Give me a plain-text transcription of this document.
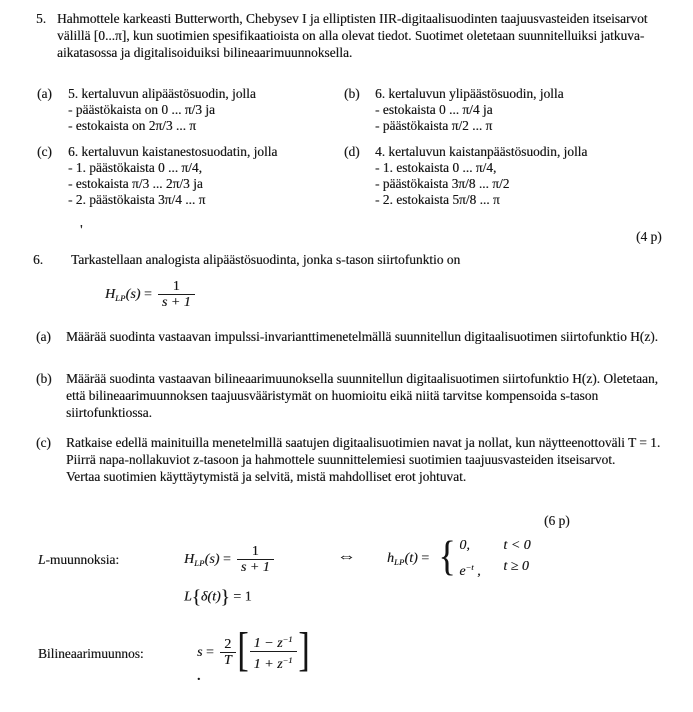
5. Hahmottele karkeasti Butterworth, Chebysev I ja elliptisten IIR-digitaalisuodinten taajuusvasteiden itseisarvot välillä [0...π], kun suotimien spesifikaatioista on alla olevat tiedot. Suotimet oletetaan suunnitelluiksi jatkuva-aikatasossa ja digitalisoiduiksi bilineaarimuunnoksella.
(a)	5. kertaluvun alipäästösuodin, jolla
- päästökaista on 0 ... π/3 ja
- estokaista on 2π/3 ... π
(b)	6. kertaluvun ylipäästösuodin, jolla
- estokaista 0 ... π/4 ja
- päästökaista π/2 ... π
(c)	6. kertaluvun kaistanestosuodatin, jolla
- 1. päästökaista 0 ... π/4,
- estokaista π/3 ... 2π/3 ja
- 2. päästökaista 3π/4 ... π
(d)	4. kertaluvun kaistanpäästösuodin, jolla
- 1. estokaista 0 ... π/4,
- päästökaista 3π/8 ... π/2
- 2. estokaista 5π/8 ... π
'	(4 p)
6.	Tarkastellaan analogista alipäästösuodinta, jonka s-tason siirtofunktio on
$H_{LP}(s) = \frac{1}{s + 1}$
(a)	Määrää suodinta vastaavan impulssi-invarianttimenetelmällä suunnitellun digitaalisuotimen siirtofunktio H(z).
(b)	Määrää suodinta vastaavan bilineaarimuunoksella suunnitellun digitaalisuotimen siirtofunktio H(z). Oletetaan, että bilineaarimuunnoksen taajuusvääristymät on huomioitu eikä niitä tarvitse kompensoida s-tason siirtofunktiossa.
(c)	Ratkaise edellä mainituilla menetelmillä saatujen digitaalisuotimien navat ja nollat, kun näytteenottoväli T = 1. Piirrä napa-nollakuviot z-tasoon ja hahmottele suunnittelemiesi suotimien taajuusvasteiden itseisarvot.
Vertaa suotimien käyttäytymistä ja selvitä, mistä mahdolliset erot johtuvat.
(6 p)
L-muunnoksia:	$H_{LP}(s) = \frac{1}{s + 1}$	⇔ $h_{LP}(t)$ = { 0,	t < 0
$e^{-t}$ ,	t ≥ 0
L{δ(t)} = 1
Bilineaarimuunnos:	$s = \frac{2}{T}$ [ $\frac{1 - z^{-1}}{1 + z^{-1}}$ ]
.
